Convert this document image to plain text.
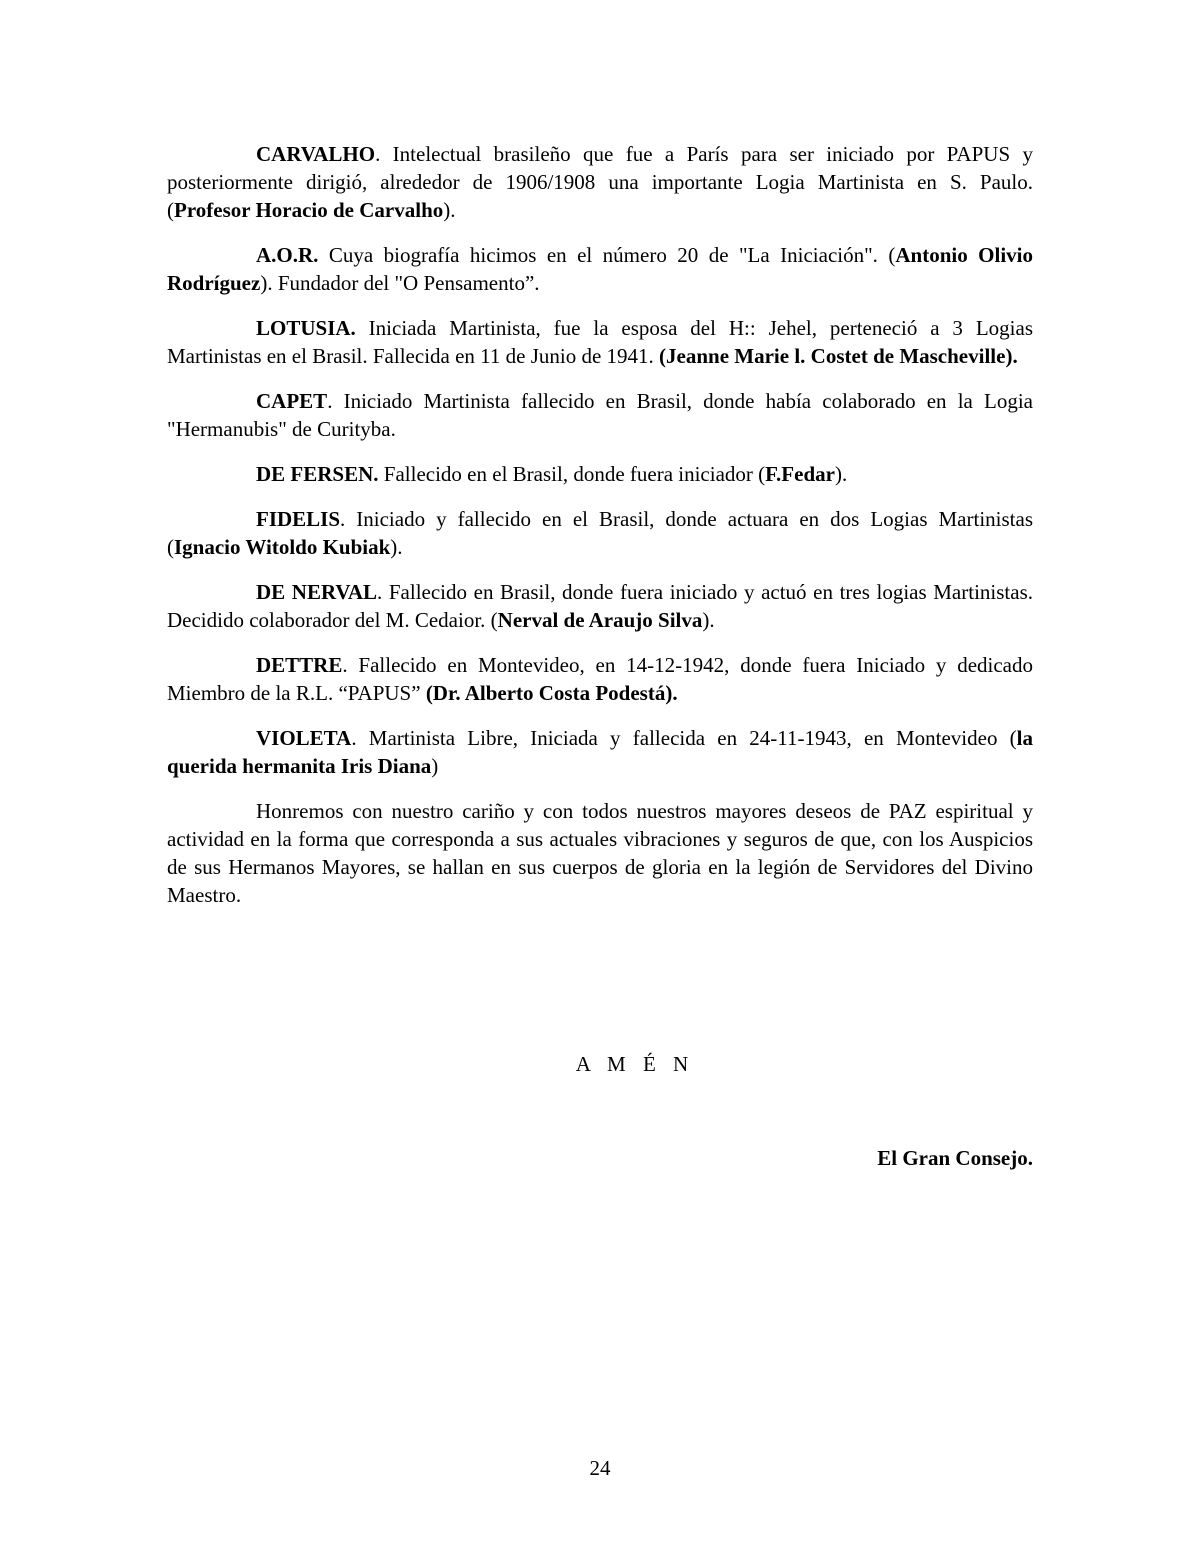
CARVALHO. Intelectual brasileño que fue a París para ser iniciado por PAPUS y posteriormente dirigió, alrededor de 1906/1908 una importante Logia Martinista en S. Paulo. (Profesor Horacio de Carvalho).

A.O.R. Cuya biografía hicimos en el número 20 de "La Iniciación". (Antonio Olivio Rodríguez). Fundador del "O Pensamento”.

LOTUSIA. Iniciada Martinista, fue la esposa del H:: Jehel, perteneció a 3 Logias Martinistas en el Brasil. Fallecida en 11 de Junio de 1941. (Jeanne Marie l. Costet de Mascheville).

CAPET. Iniciado Martinista fallecido en Brasil, donde había colaborado en la Logia "Hermanubis" de Curityba.

DE FERSEN. Fallecido en el Brasil, donde fuera iniciador (F.Fedar).

FIDELIS. Iniciado y fallecido en el Brasil, donde actuara en dos Logias Martinistas (Ignacio Witoldo Kubiak).

DE NERVAL. Fallecido en Brasil, donde fuera iniciado y actuó en tres logias Martinistas. Decidido colaborador del M. Cedaior. (Nerval de Araujo Silva).

DETTRE. Fallecido en Montevideo, en 14-12-1942, donde fuera Iniciado y dedicado Miembro de la R.L. “PAPUS” (Dr. Alberto Costa Podestá).

VIOLETA. Martinista Libre, Iniciada y fallecida en 24-11-1943, en Montevideo (la querida hermanita Iris Diana)

Honremos con nuestro cariño y con todos nuestros mayores deseos de PAZ espiritual y actividad en la forma que corresponda a sus actuales vibraciones y seguros de que, con los Auspicios de sus Hermanos Mayores, se hallan en sus cuerpos de gloria en la legión de Servidores del Divino Maestro.

A M É N
El Gran Consejo.
24
